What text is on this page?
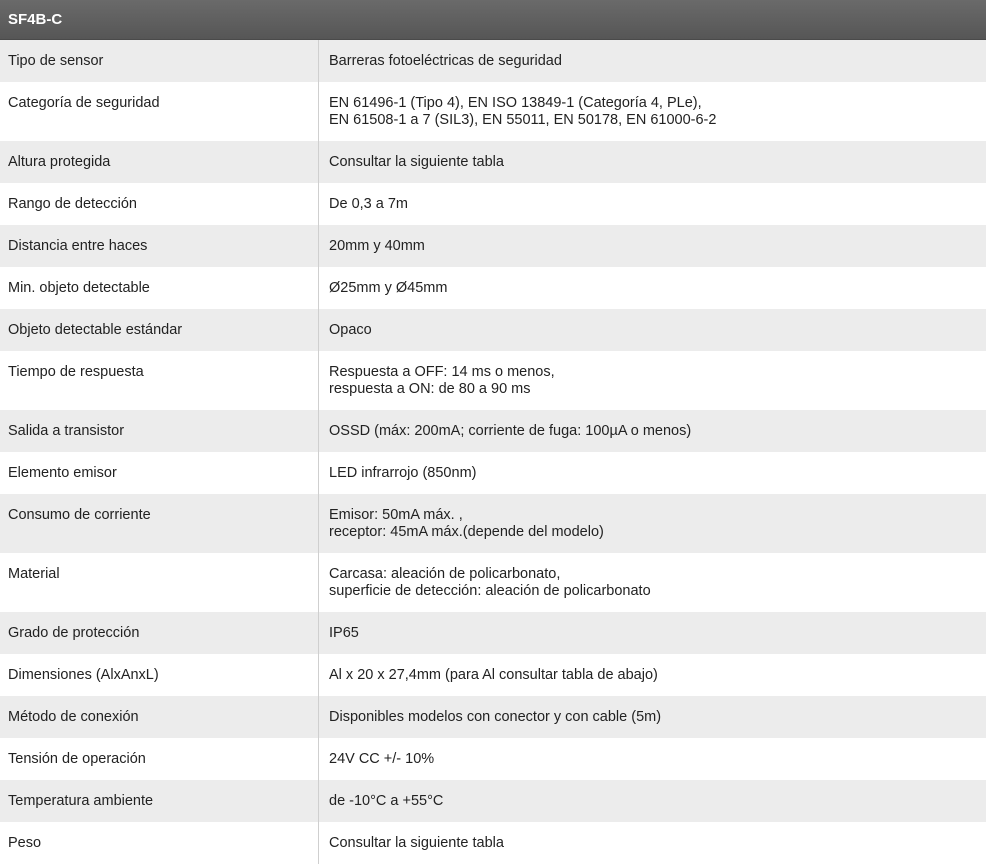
SF4B-C
Tipo de sensor	Barreras fotoeléctricas de seguridad
Categoría de seguridad	EN 61496-1 (Tipo 4), EN ISO 13849-1 (Categoría 4, PLe),
EN 61508-1 a 7 (SIL3), EN 55011, EN 50178, EN 61000-6-2
Altura protegida	Consultar la siguiente tabla
Rango de detección	De 0,3 a 7m
Distancia entre haces	20mm y 40mm
Min. objeto detectable	Ø25mm y Ø45mm
Objeto detectable estándar	Opaco
Tiempo de respuesta	Respuesta a OFF: 14 ms o menos,
respuesta a ON: de 80 a 90 ms
Salida a transistor	OSSD (máx: 200mA; corriente de fuga: 100µA o menos)
Elemento emisor	LED infrarrojo (850nm)
Consumo de corriente	Emisor: 50mA máx. ,
receptor: 45mA máx.(depende del modelo)
Material	Carcasa: aleación de policarbonato,
superficie de detección: aleación de policarbonato
Grado de protección	IP65
Dimensiones (AlxAnxL)	Al x 20 x 27,4mm (para Al consultar tabla de abajo)
Método de conexión	Disponibles modelos con conector y con cable (5m)
Tensión de operación	24V CC +/- 10%
Temperatura ambiente	de -10°C a +55°C
Peso	Consultar la siguiente tabla
